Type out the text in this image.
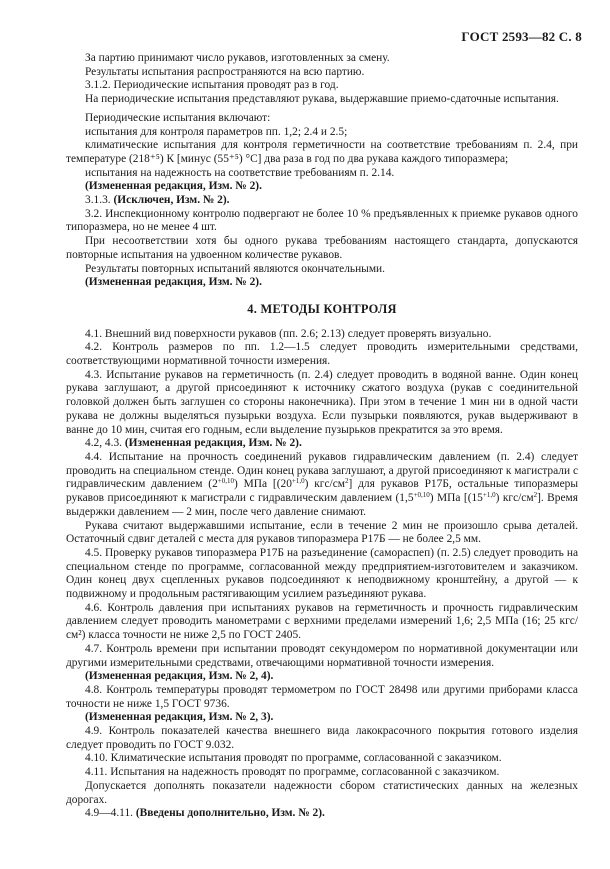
ГОСТ 2593—82 С. 8

За партию принимают число рукавов, изготовленных за смену.

Результаты испытания распространяются на всю партию.

3.1.2. Периодические испытания проводят раз в год.

На периодические испытания представляют рукава, выдержавшие приемо-сдаточные испытания.

Периодические испытания включают:

испытания для контроля параметров пп. 1,2; 2.4 и 2.5;

климатические испытания для контроля герметичности на соответствие требованиям п. 2.4, при температуре (218⁺⁵) К [минус (55⁺⁵) °С] два раза в год по два рукава каждого типоразмера;

испытания на надежность на соответствие требованиям п. 2.14.

(Измененная редакция, Изм. № 2).

3.1.3. (Исключен, Изм. № 2).

3.2. Инспекционному контролю подвергают не более 10 % предъявленных к приемке рукавов одного типоразмера, но не менее 4 шт.

При несоответствии хотя бы одного рукава требованиям настоящего стандарта, допускаются повторные испытания на удвоенном количестве рукавов.

Результаты повторных испытаний являются окончательными.

(Измененная редакция, Изм. № 2).

4. МЕТОДЫ КОНТРОЛЯ

4.1. Внешний вид поверхности рукавов (пп. 2.6; 2.13) следует проверять визуально.

4.2. Контроль размеров по пп. 1.2—1.5 следует проводить измерительными средствами, соответствующими нормативной точности измерения.

4.3. Испытание рукавов на герметичность (п. 2.4) следует проводить в водяной ванне. Один конец рукава заглушают, а другой присоединяют к источнику сжатого воздуха (рукав с соединительной головкой должен быть заглушен со стороны наконечника). При этом в течение 1 мин ни в одной части рукава не должны выделяться пузырьки воздуха. Если пузырьки появляются, рукав выдерживают в ванне до 10 мин, считая его годным, если выделение пузырьков прекратится за это время.

4.2, 4.3. (Измененная редакция, Изм. № 2).

4.4. Испытание на прочность соединений рукавов гидравлическим давлением (п. 2.4) следует проводить на специальном стенде. Один конец рукава заглушают, а другой присоединяют к магистрали с гидравлическим давлением $(2^{+0,10})$ МПа [$(20^{+1,0})$ кгс/$см^2$] для рукавов Р17Б, остальные типоразмеры рукавов присоединяют к магистрали с гидравлическим давлением $(1,5^{+0,10})$ МПа [$(15^{+1,0})$ кгс/$см^2$]. Время выдержки давлением — 2 мин, после чего давление снимают.

Рукава считают выдержавшими испытание, если в течение 2 мин не произошло срыва деталей. Остаточный сдвиг деталей с места для рукавов типоразмера Р17Б — не более 2,5 мм.

4.5. Проверку рукавов типоразмера Р17Б на разъединение (самораспеп) (п. 2.5) следует проводить на специальном стенде по программе, согласованной между предприятием-изготовителем и заказчиком. Один конец двух сцепленных рукавов подсоединяют к неподвижному кронштейну, а другой — к подвижному и продольным растягивающим усилием разъединяют рукава.

4.6. Контроль давления при испытаниях рукавов на герметичность и прочность гидравлическим давлением следует проводить манометрами с верхними пределами измерений 1,6; 2,5 МПа (16; 25 кгс/см²) класса точности не ниже 2,5 по ГОСТ 2405.

4.7. Контроль времени при испытании проводят секундомером по нормативной документации или другими измерительными средствами, отвечающими нормативной точности измерения.

(Измененная редакция, Изм. № 2, 4).

4.8. Контроль температуры проводят термометром по ГОСТ 28498 или другими приборами класса точности не ниже 1,5 ГОСТ 9736.

(Измененная редакция, Изм. № 2, 3).

4.9. Контроль показателей качества внешнего вида лакокрасочного покрытия готового изделия следует проводить по ГОСТ 9.032.

4.10. Климатические испытания проводят по программе, согласованной с заказчиком.

4.11. Испытания на надежность проводят по программе, согласованной с заказчиком.

Допускается дополнять показатели надежности сбором статистических данных на железных дорогах.

4.9—4.11. (Введены дополнительно, Изм. № 2).
